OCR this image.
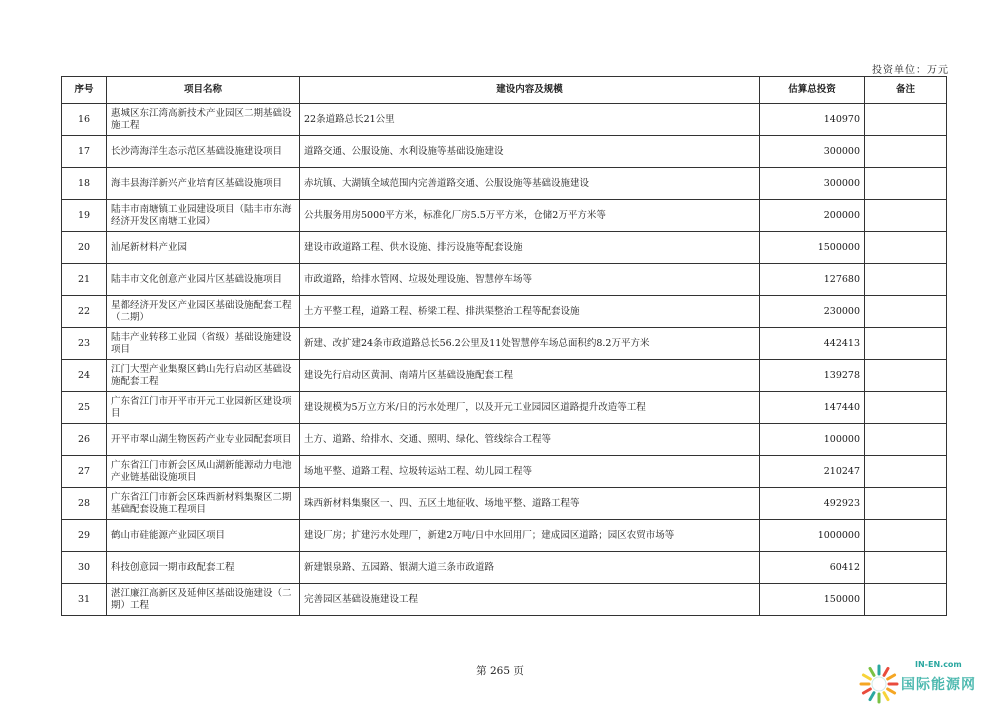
投资单位：万元
序号	项目名称	建设内容及规模	估算总投资	备注
16	惠城区东江湾高新技术产业园区二期基础设施工程	22条道路总长21公里	140970	
17	长沙湾海洋生态示范区基础设施建设项目	道路交通、公服设施、水利设施等基础设施建设	300000	
18	海丰县海洋新兴产业培育区基础设施项目	赤坑镇、大湖镇全域范围内完善道路交通、公服设施等基础设施建设	300000	
19	陆丰市南塘镇工业园建设项目（陆丰市东海经济开发区南塘工业园）	公共服务用房5000平方米，标准化厂房5.5万平方米，仓储2万平方米等	200000	
20	汕尾新材料产业园	建设市政道路工程、供水设施、排污设施等配套设施	1500000	
21	陆丰市文化创意产业园片区基础设施项目	市政道路，给排水管网、垃圾处理设施、智慧停车场等	127680	
22	星都经济开发区产业园区基础设施配套工程（二期）	土方平整工程，道路工程、桥梁工程、排洪渠整治工程等配套设施	230000	
23	陆丰产业转移工业园（省级）基础设施建设项目	新建、改扩建24条市政道路总长56.2公里及11处智慧停车场总面积约8.2万平方米	442413	
24	江门大型产业集聚区鹤山先行启动区基础设施配套工程	建设先行启动区黄洞、南靖片区基础设施配套工程	139278	
25	广东省江门市开平市开元工业园新区建设项目	建设规模为5万立方米/日的污水处理厂，以及开元工业园园区道路提升改造等工程	147440	
26	开平市翠山湖生物医药产业专业园配套项目	土方、道路、给排水、交通、照明、绿化、管线综合工程等	100000	
27	广东省江门市新会区凤山湖新能源动力电池产业链基础设施项目	场地平整、道路工程、垃圾转运站工程、幼儿园工程等	210247	
28	广东省江门市新会区珠西新材料集聚区二期基础配套设施工程项目	珠西新材料集聚区一、四、五区土地征收、场地平整、道路工程等	492923	
29	鹤山市硅能源产业园区项目	建设厂房；扩建污水处理厂，新建2万吨/日中水回用厂；建成园区道路；园区农贸市场等	1000000	
30	科技创意园一期市政配套工程	新建银泉路、五园路、银湖大道三条市政道路	60412	
31	湛江廉江高新区及延伸区基础设施建设（二期）工程	完善园区基础设施建设工程	150000	
第 265 页
IN-EN.com
国际能源网
